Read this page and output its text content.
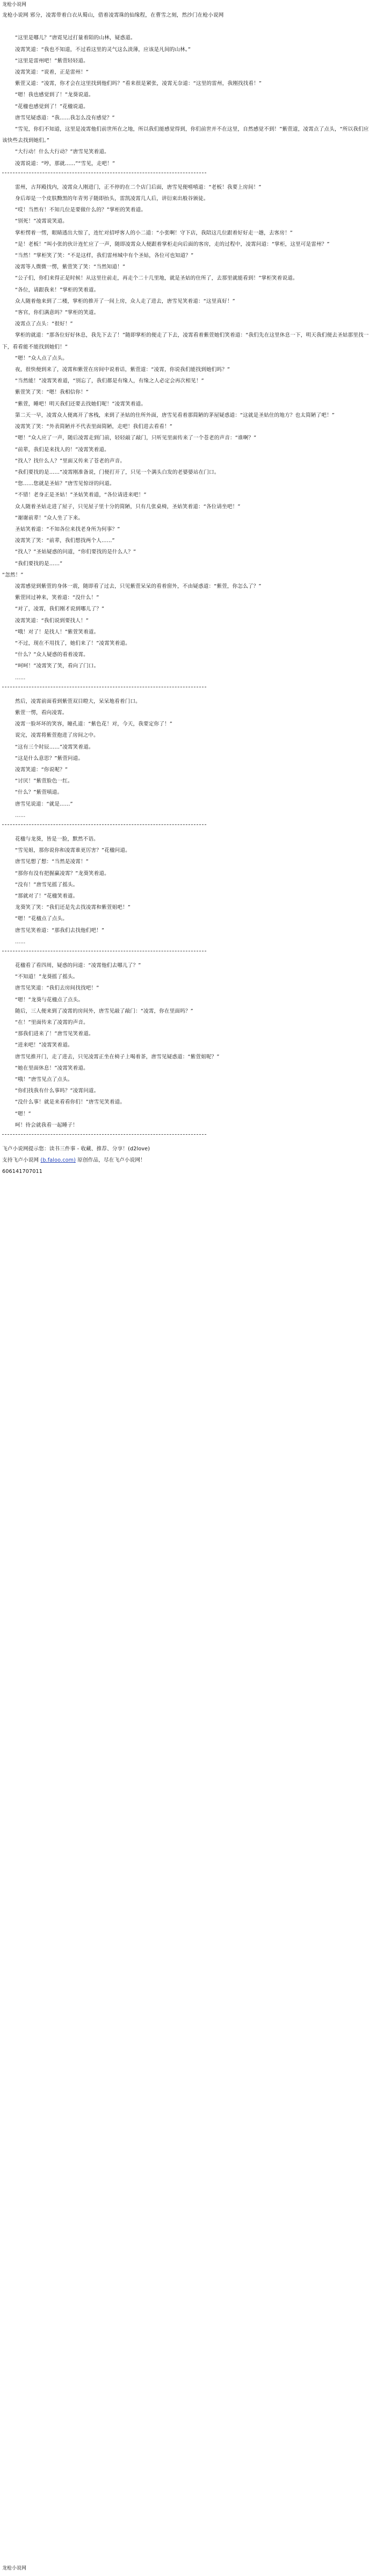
龙枪小说网

龙枪小说网 邪分，凌霄带着白衣从蜀山，借着凌霄珠的仙缘程，在曹雪之刻，然沙门在枪小说网

“这里是哪儿？”唐霓见过打量着陌的山林，疑惑道。

凌霄笑道：“我也不知道，不过看这里的灵气这么淡薄，应该是凡间的山林。”

“这里是雷州吧！”紫萱轻轻道。

凌霄笑道：“说着，正是雷州！”

紫萱又道：“凌霄，你才会在这里找到他们吗？”看来很是紧张，凌霄无奈道：“这里的雷州，我刚找找看！”

“嗯！我也感觉到了！”龙葵说道。

“花楹也感觉到了！”花楹说道。

唐雪见疑惑道：“我……我怎么没有感觉？”

“雪见，你们不知道，这里是凌霄他们前世所在之地，所以我们能感觉得到，你们前世并不在这里，自然感觉不到！”紫萱道，凌霄点了点头，“所以我们应该快些去找到她们。”

“大行动！什么大行动？”唐雪见笑着道。

凌霄说道：“哼，那就……”“雪见，走吧！”

雷州，古拜殿找内，凌霄众人刚进门，正不停的在二个店门后面，唐雪见便嘻嘻道：“老板！我要上房间！”

身后却是一个皮肤黝黑的年青男子随即抬头，雷凯凌霄几人后，讲衍束出般谷颁徒。

“哎！当然有！不知几位是要做什么的？”掌柜的笑着道。

“别死！”凌霄说笑道。

掌柜愣着一愣，眼睛透出大惊了，连忙对招呼客人的小二道：“小张啊！守下店，我陪这几位跟着好好走一趟，去客房！”

“是！老板！”叫小张的伙计连忙应了一声，随即凌霄众人便跟着掌柜走向后面的客房，走的过程中，凌霄问道：“掌柜，这里可是雷州？”

“当然！”掌柜笑了笑：“不是这样，我们雷州城中有个圣姑，各位可也知道？”

凌霄等人微微一愣，紫萱笑了笑：“当然知道！”

“公子们，你们来得正是时候！从这里往前走，再走个二十几里地，就是圣姑的住所了，去那里就能看到！”掌柜笑着说道。

“各位，请跟我来！”掌柜的笑着道。

众人随着他来到了二楼，掌柜的推开了一间上房，众人走了进去，唐雪见笑着道：“这里真好！”

“客官，你们满意吗？”掌柜的笑道。

凌霄点了点头：“很好！”

掌柜的就道：“那各位好好休息，我先下去了！”随即掌柜的便走了下去，凌霄看着紫萱她们笑着道：“我们先在这里休息一下，明天我们便去圣姑那里找一下，看看能不能找到她们！”

“嗯！”众人点了点头。

夜，很快便到来了，凌霄和紫萱在房间中说着话，紫萱道：“凌霄，你说我们能找到她们吗？”

“当然能！”凌霄笑着道，“别忘了，我们都是有缘人，有缘之人必定会再次相见！”

紫萱笑了笑：“嗯！我相信你！”

“紫萱，睡吧！明天我们还要去找她们呢！”凌霄笑着道。

第二天一早，凌霄众人便离开了客栈，来到了圣姑的住所外面，唐雪见看着那简陋的茅屋疑惑道：“这就是圣姑住的地方？也太简陋了吧！”

凌霄笑了笑：“外表简陋并不代表里面简陋，走吧！我们进去看看！”

“嗯！”众人应了一声，随后凌霄走到门前，轻轻敲了敲门，只听见里面传来了一个苍老的声音：“谁啊？”

“前辈，我们是来找人的！”凌霄笑着道。

“找人？找什么人？”里面又传来了苍老的声音。

“我们要找的是……”凌霄刚准备说，门便打开了，只见一个满头白发的老婆婆站在门口。

“您……您就是圣姑？”唐雪见惊讶的问道。

“不错！老身正是圣姑！”圣姑笑着道，“各位请进来吧！”

众人随着圣姑走进了屋子，只见屋子里十分的简陋，只有几张桌椅，圣姑笑着道：“各位请坐吧！”

“谢谢前辈！”众人坐了下来。

圣姑笑着道：“不知各位来找老身所为何事？”

凌霄笑了笑：“前辈，我们想找两个人……”

“找人？”圣姑疑惑的问道，“你们要找的是什么人？”

“我们要找的是……”

“忽然！”

凌霄感觉到紫萱的身体一震，随即看了过去，只见紫萱呆呆的看着窗外，不由疑惑道：“紫萱，你怎么了？”

紫萱回过神来，笑着道：“没什么！”

“对了，凌霄，我们刚才说到哪儿了？”

凌霄笑道：“我们说到要找人！”

“哦！对了！是找人！”紫萱笑着道。

“不过，现在不用找了，她们来了！”凌霄笑着道。

“什么？”众人疑惑的看着凌霄。

“呵呵！”凌霄笑了笑，看向了门口。

……

然后，凌霄前面看到紫萱双目瞪大，呆呆地看着门口。

紫萱一愣，看向凌霄。

凌霄一脸坏坏的笑容，瞳孔道：“紫色花！对，今天，我要定你了！”

说完，凌霄将紫萱抱进了房间之中。

“这有三个时辰……”凌霄笑着道。

“这是什么意思？”紫萱问道。

凌霄笑道：“你说呢？”

“讨厌！”紫萱脸色一红。

“什么？”紫萱嗔道。

唐雪见说道：“就是……”

……

花楹与龙葵，皆是一脸，默然不语。

“雪见姐，那你说你和凌霄谁更厉害？”花楹问道。

唐雪见想了想：“当然是凌霄！”

“那你有没有把握赢凌霄？”龙葵笑着道。

“没有！”唐雪见摇了摇头。

“那就对了！”花楹笑着道。

龙葵笑了笑：“我们还是先去找凌霄和紫萱姐吧！”

“嗯！”花楹点了点头。

唐雪见笑着道：“那我们去找他们吧！”

……

花楹看了看四周，疑惑的问道：“凌霄他们去哪儿了？”

“不知道！”龙葵摇了摇头。

唐雪见笑道：“我们去房间找找吧！”

“嗯！”龙葵与花楹点了点头。

随后，三人便来到了凌霄的房间外，唐雪见敲了敲门：“凌霄，你在里面吗？”

“在！”里面传来了凌霄的声音。

“那我们进来了！”唐雪见笑着道。

“进来吧！”凌霄笑着道。

唐雪见推开门，走了进去，只见凌霄正坐在椅子上喝着茶，唐雪见疑惑道：“紫萱姐呢？”

“她在里面休息！”凌霄笑着道。

“哦！”唐雪见点了点头。

“你们找我有什么事吗？”凌霄问道。

“没什么事！就是来看看你们！”唐雪见笑着道。

“嗯！”

呵！待会就我看一起睡子！

飞卢小说网提示您：读书三件事 - 收藏、推荐、分享！(d2love)

支持飞卢小说网 (b.faloo.com) 原创作品，尽在飞卢小说网！

606141707011

龙枪小说网
